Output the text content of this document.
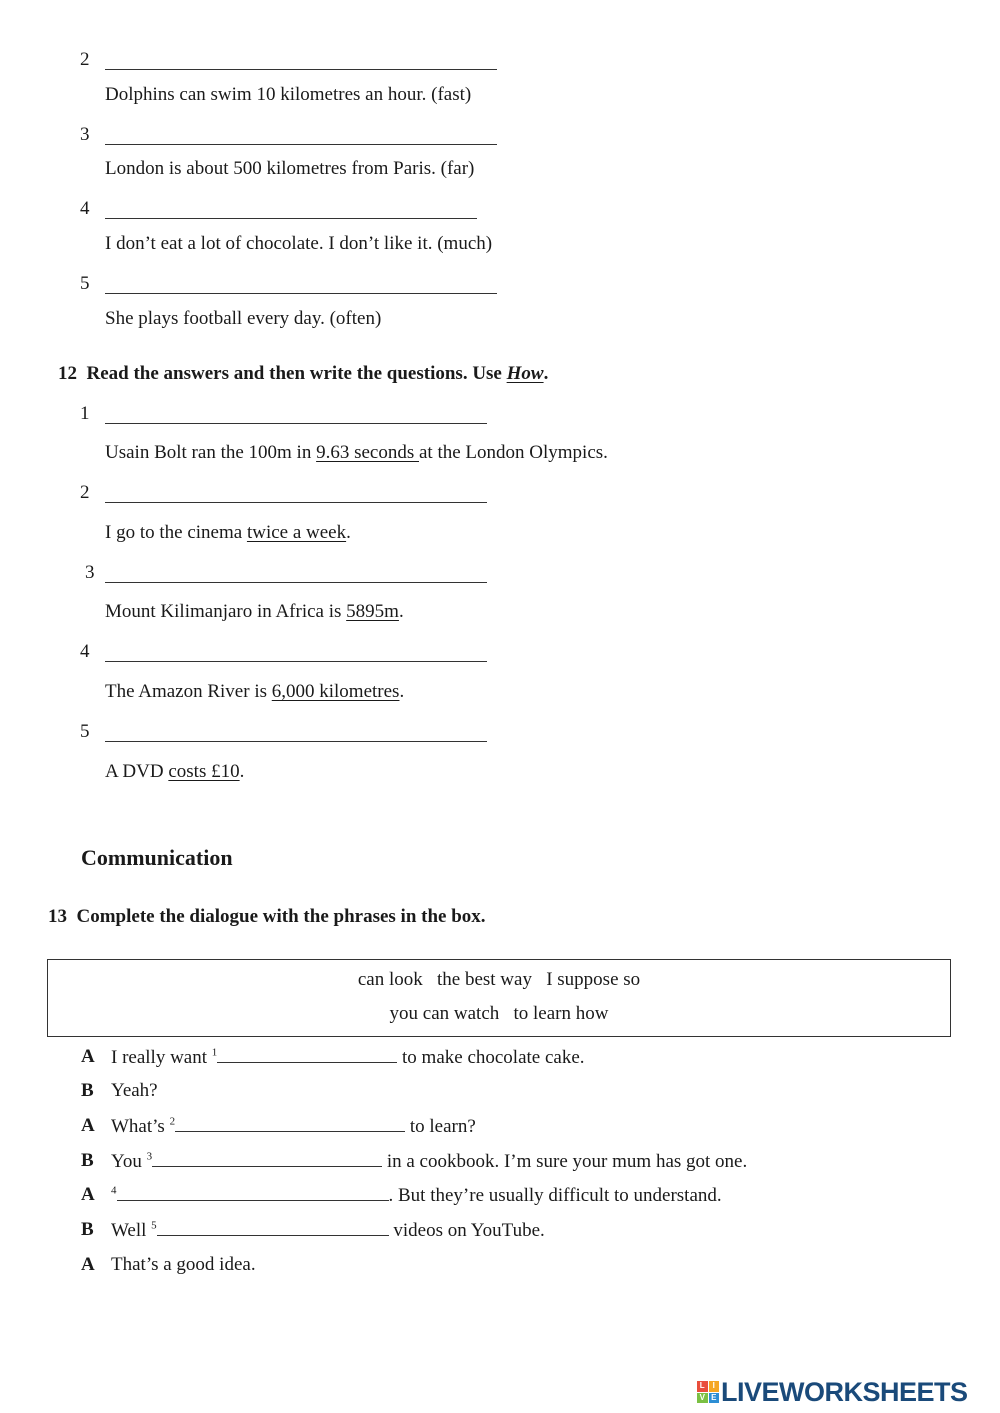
2
Dolphins can swim 10 kilometres an hour. (fast)
3
London is about 500 kilometres from Paris. (far)
4
I don’t eat a lot of chocolate. I don’t like it. (much)
5
She plays football every day. (often)
12 Read the answers and then write the questions. Use How.
1
Usain Bolt ran the 100m in 9.63 seconds at the London Olympics.
2
I go to the cinema twice a week.
3
Mount Kilimanjaro in Africa is 5895m.
4
The Amazon River is 6,000 kilometres.
5
A DVD costs £10.
Communication
13 Complete the dialogue with the phrases in the box.
can look   the best way   I suppose so
you can watch   to learn how
A I really want $^1$	to make chocolate cake.
B Yeah?
A What’s $^2$	to learn?
B You $^3$	in a cookbook. I’m sure your mum has got one.
A $^4$	. But they’re usually difficult to understand.
B Well $^5$	videos on YouTube.
A That’s a good idea.
L I
V E LIVEWORKSHEETS
